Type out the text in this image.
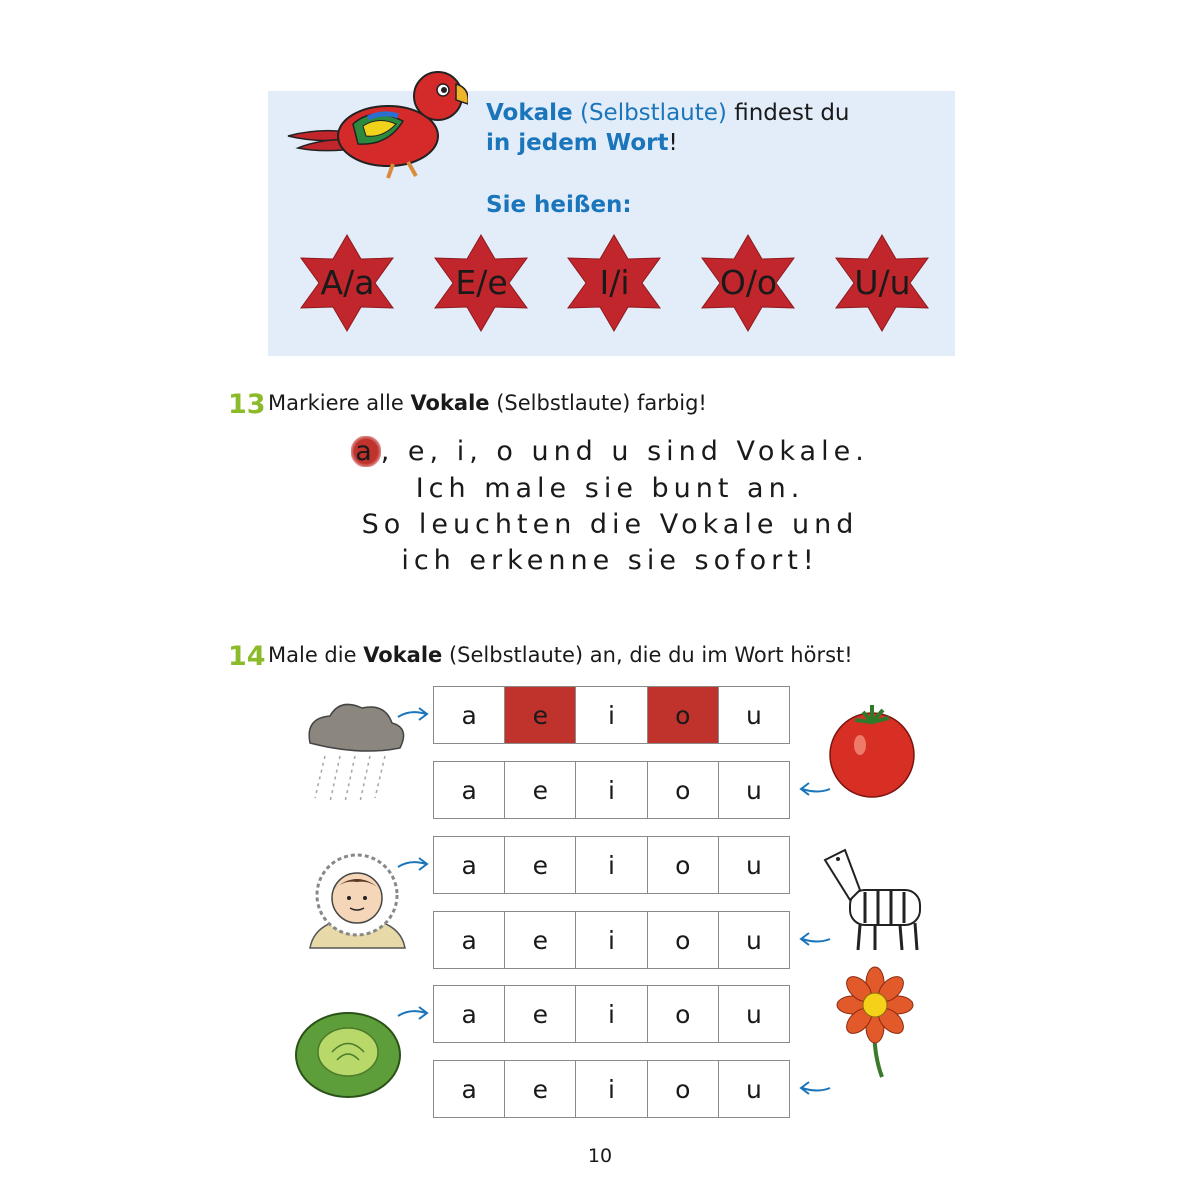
Vokale (Selbstlaute) findest du
in jedem Wort!
Sie heißen:
A/a	E/e	I/i	O/o	U/u
13 Markiere alle Vokale (Selbstlaute) farbig!
a , e, i, o und u sind Vokale.
Ich male sie bunt an.
So leuchten die Vokale und
ich erkenne sie sofort!
14 Male die Vokale (Selbstlaute) an, die du im Wort hörst!
a	e	i	o	u
a	e	i	o	u
a	e	i	o	u
a	e	i	o	u
a	e	i	o	u
a	e	i	o	u
10
